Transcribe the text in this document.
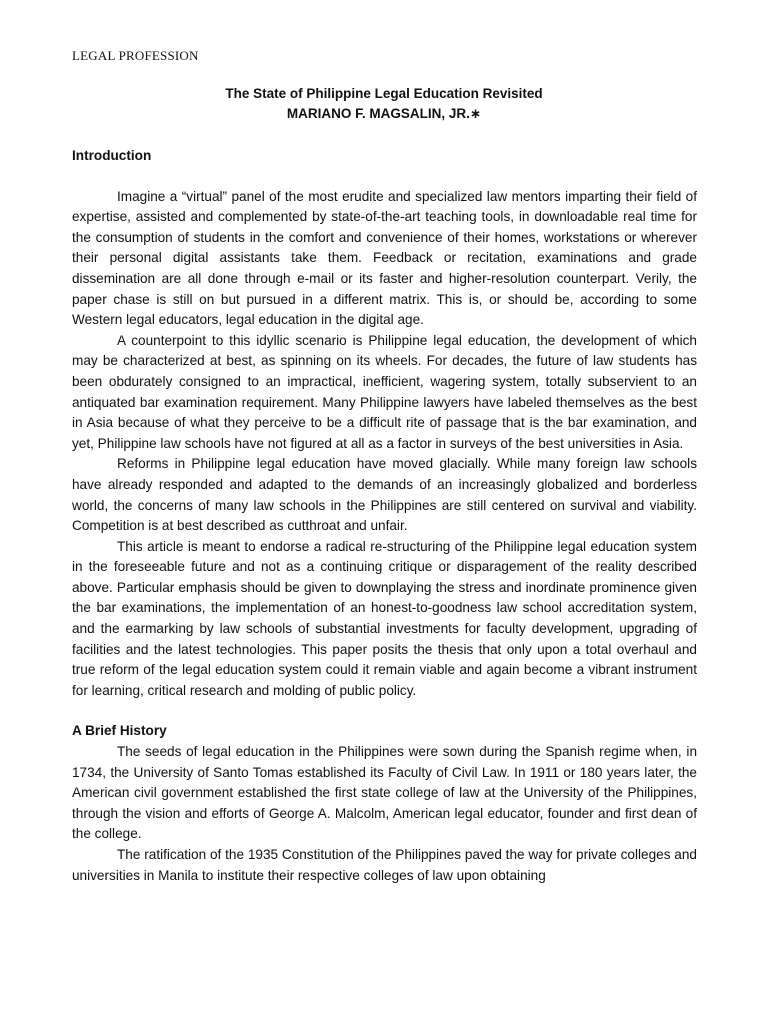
LEGAL PROFESSION
The State of Philippine Legal Education Revisited
MARIANO F. MAGSALIN, JR.∗
Introduction

Imagine a “virtual” panel of the most erudite and specialized law mentors imparting their field of expertise, assisted and complemented by state-of-the-art teaching tools, in downloadable real time for the consumption of students in the comfort and convenience of their homes, workstations or wherever their personal digital assistants take them. Feedback or recitation, examinations and grade dissemination are all done through e-mail or its faster and higher-resolution counterpart. Verily, the paper chase is still on but pursued in a different matrix. This is, or should be, according to some Western legal educators, legal education in the digital age.

A counterpoint to this idyllic scenario is Philippine legal education, the development of which may be characterized at best, as spinning on its wheels. For decades, the future of law students has been obdurately consigned to an impractical, inefficient, wagering system, totally subservient to an antiquated bar examination requirement. Many Philippine lawyers have labeled themselves as the best in Asia because of what they perceive to be a difficult rite of passage that is the bar examination, and yet, Philippine law schools have not figured at all as a factor in surveys of the best universities in Asia.

Reforms in Philippine legal education have moved glacially. While many foreign law schools have already responded and adapted to the demands of an increasingly globalized and borderless world, the concerns of many law schools in the Philippines are still centered on survival and viability. Competition is at best described as cutthroat and unfair.

This article is meant to endorse a radical re-structuring of the Philippine legal education system in the foreseeable future and not as a continuing critique or disparagement of the reality described above. Particular emphasis should be given to downplaying the stress and inordinate prominence given the bar examinations, the implementation of an honest-to-goodness law school accreditation system, and the earmarking by law schools of substantial investments for faculty development, upgrading of facilities and the latest technologies. This paper posits the thesis that only upon a total overhaul and true reform of the legal education system could it remain viable and again become a vibrant instrument for learning, critical research and molding of public policy.

A Brief History

The seeds of legal education in the Philippines were sown during the Spanish regime when, in 1734, the University of Santo Tomas established its Faculty of Civil Law. In 1911 or 180 years later, the American civil government established the first state college of law at the University of the Philippines, through the vision and efforts of George A. Malcolm, American legal educator, founder and first dean of the college.

The ratification of the 1935 Constitution of the Philippines paved the way for private colleges and universities in Manila to institute their respective colleges of law upon obtaining
